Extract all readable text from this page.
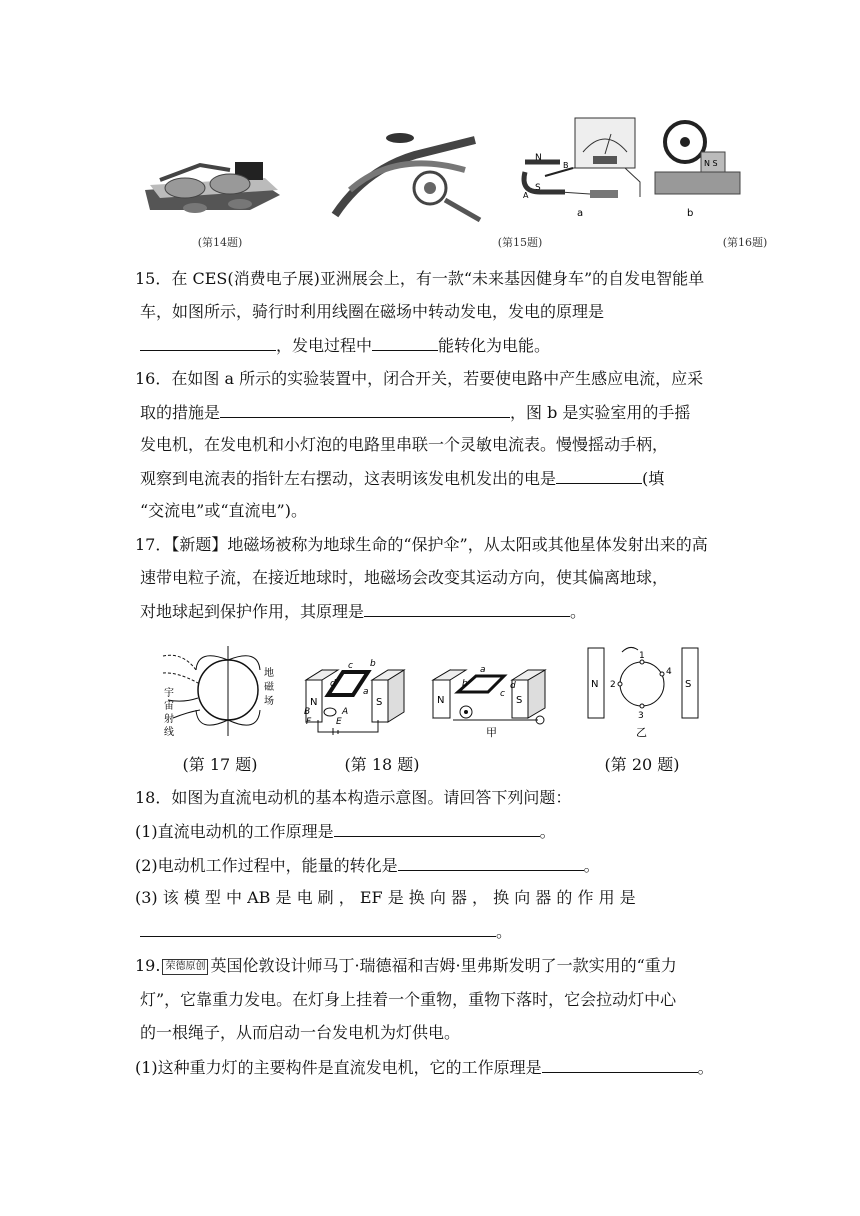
N
S
A
B
a
N S
b
(第14题)	(第15题)	(第16题)
15．在 CES(消费电子展)亚洲展会上，有一款“未来基因健身车”的自发电智能单
车，如图所示，骑行时利用线圈在磁场中转动发电，发电的原理是
，发电过程中	能转化为电能。
16．在如图 a 所示的实验装置中，闭合开关，若要使电路中产生感应电流，应采
取的措施是	，图 b 是实验室用的手摇
发电机，在发电机和小灯泡的电路里串联一个灵敏电流表。慢慢摇动手柄，
观察到电流表的指针左右摆动，这表明该发电机发出的电是	(填
“交流电”或“直流电”)。
17．【新题】地磁场被称为地球生命的“保护伞”，从太阳或其他星体发射出来的高
速带电粒子流，在接近地球时，地磁场会改变其运动方向，使其偏离地球，
对地球起到保护作用，其原理是	。
宇
宙
射
线
地
磁
场	N	S
c b
d
a
B
F	E
A
N	S
a
b
c
d
甲
N	S
1
2
3
4
乙
(第 17 题)	(第 18 题)	(第 20 题)
18．如图为直流电动机的基本构造示意图。请回答下列问题：
(1)直流电动机的工作原理是	。
(2)电动机工作过程中，能量的转化是	。
(3) 该 模 型 中 AB 是 电 刷 ， EF 是 换 向 器 ， 换 向 器 的 作 用 是
。
19. 荣德原创 英国伦敦设计师马丁·瑞德福和吉姆·里弗斯发明了一款实用的“重力
灯”，它靠重力发电。在灯身上挂着一个重物，重物下落时，它会拉动灯中心
的一根绳子，从而启动一台发电机为灯供电。
(1)这种重力灯的主要构件是直流发电机，它的工作原理是	。
